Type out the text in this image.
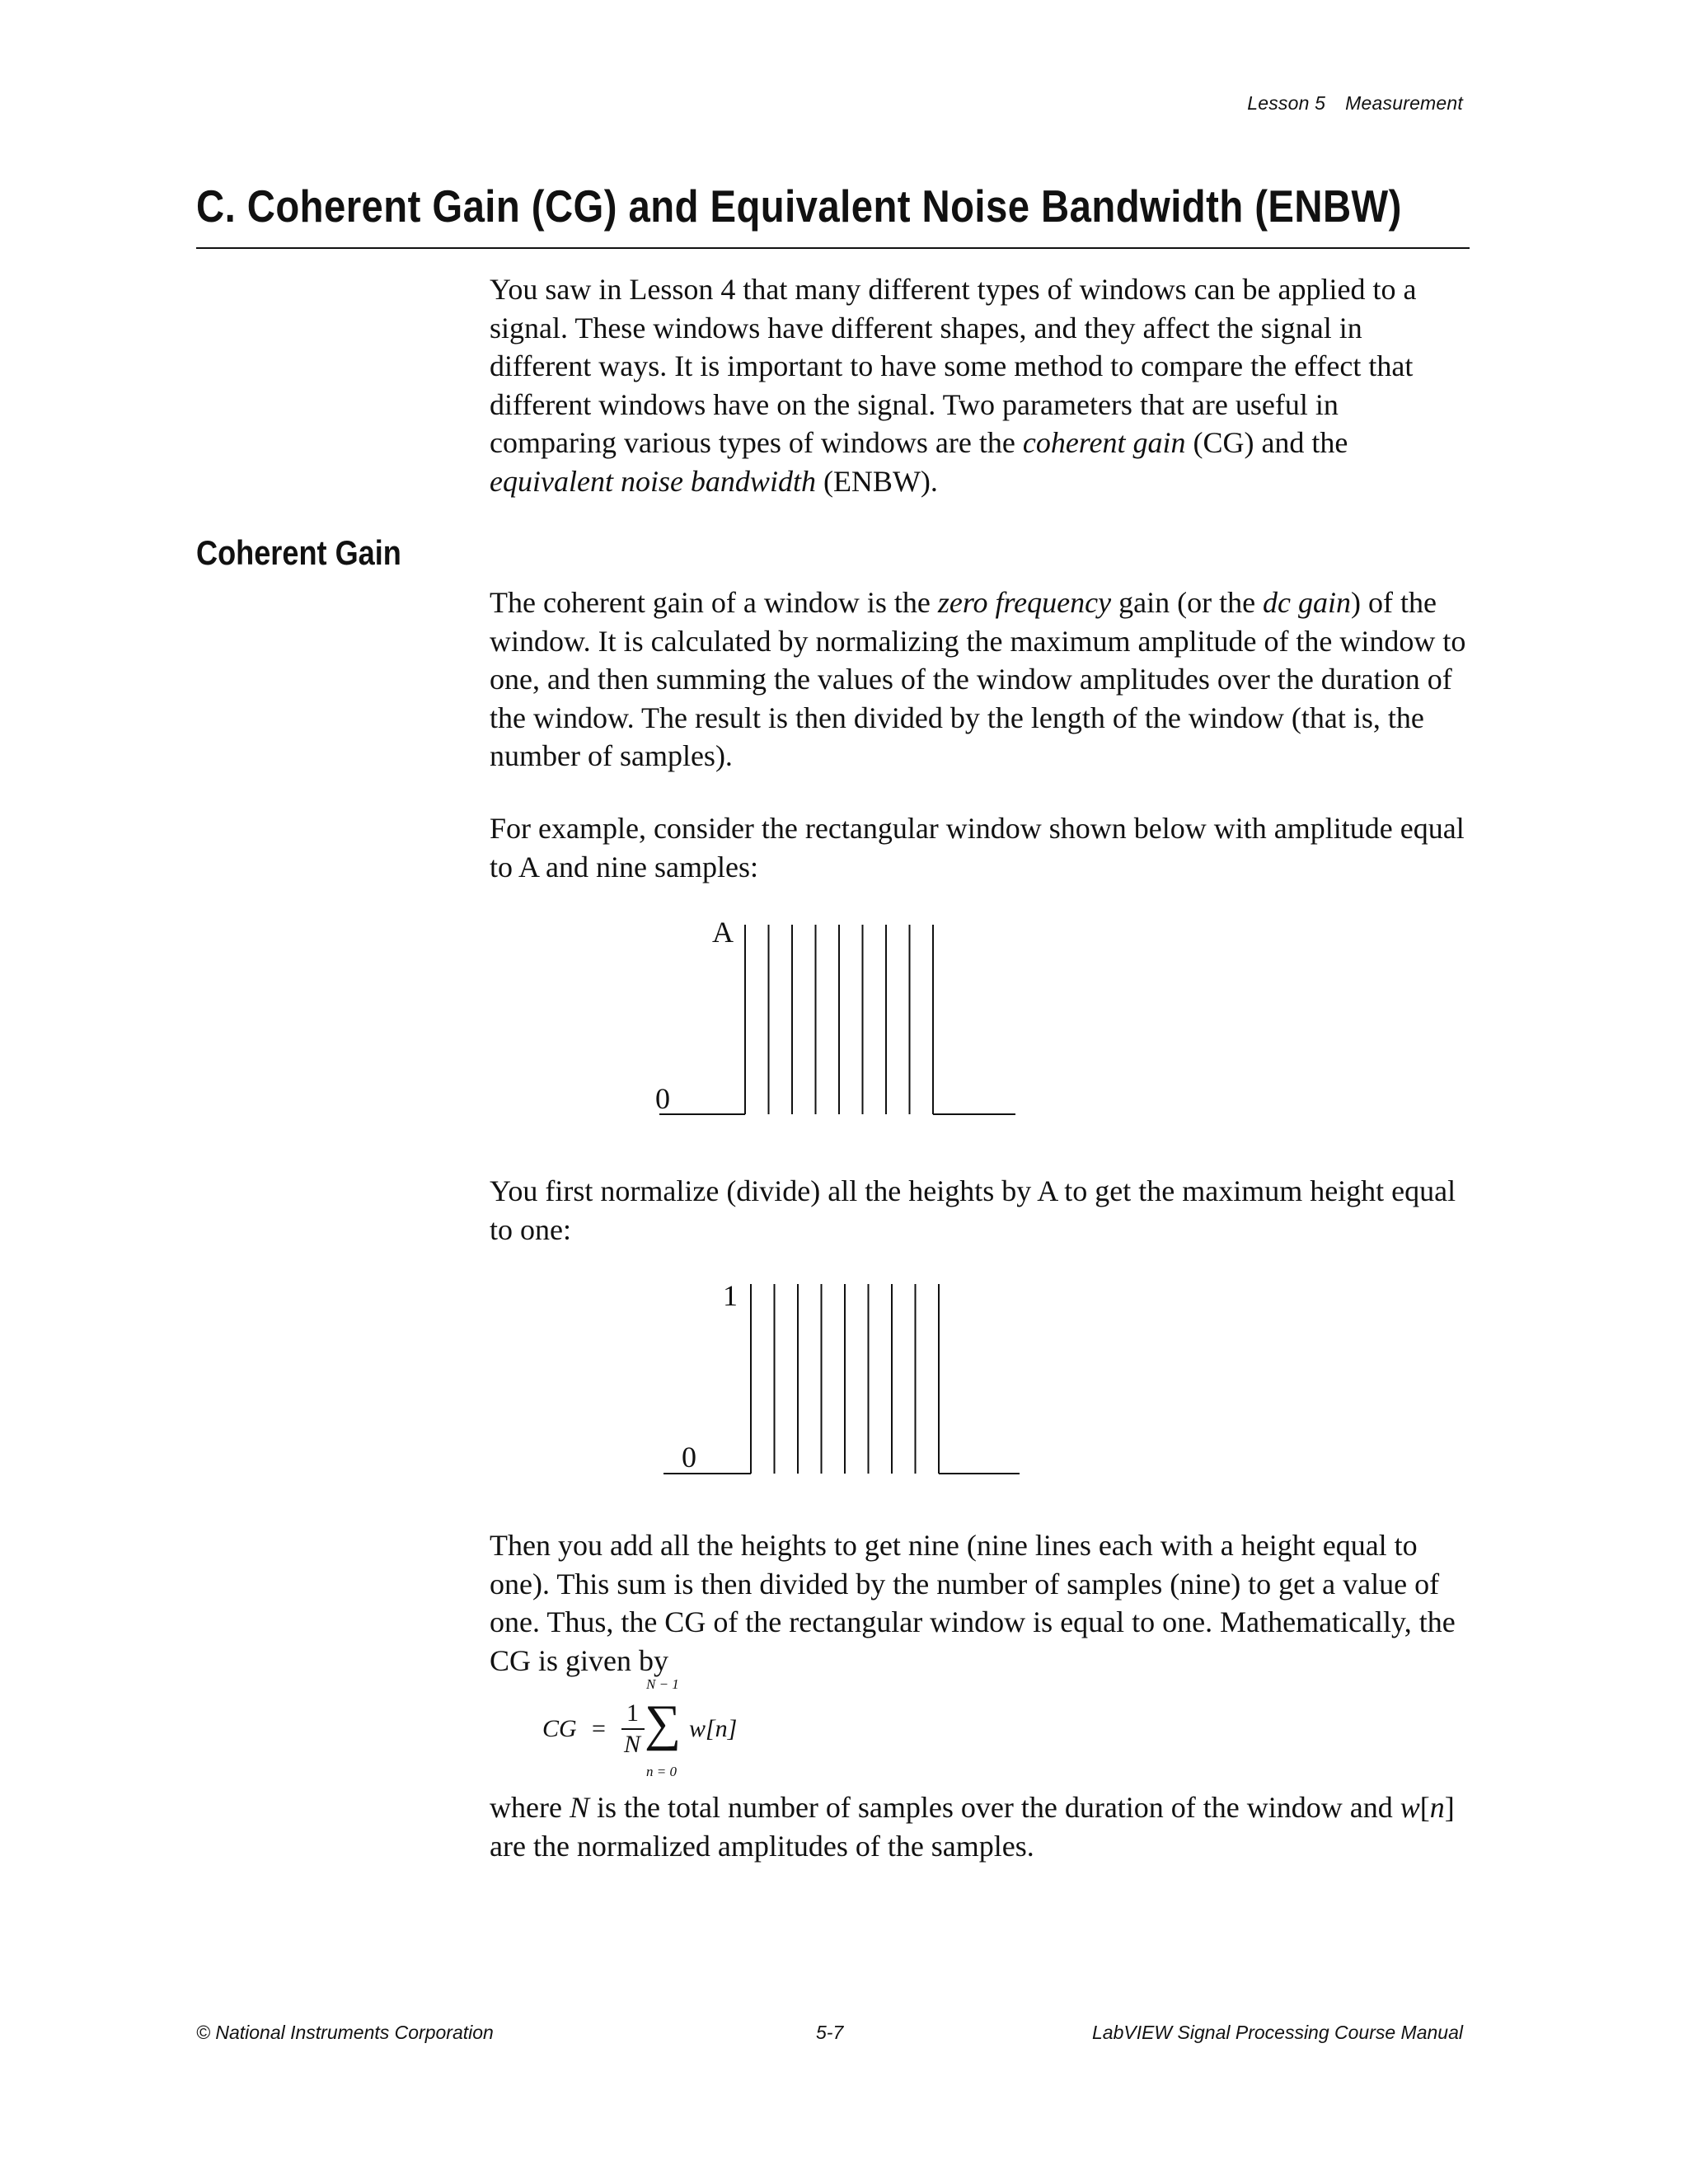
Lesson 5 Measurement
C. Coherent Gain (CG) and Equivalent Noise Bandwidth (ENBW)

You saw in Lesson 4 that many different types of windows can be applied to a signal. These windows have different shapes, and they affect the signal in different ways. It is important to have some method to compare the effect that different windows have on the signal. Two parameters that are useful in comparing various types of windows are the coherent gain (CG) and the equivalent noise bandwidth (ENBW).

Coherent Gain

The coherent gain of a window is the zero frequency gain (or the dc gain) of the window. It is calculated by normalizing the maximum amplitude of the window to one, and then summing the values of the window amplitudes over the duration of the window. The result is then divided by the length of the window (that is, the number of samples).

For example, consider the rectangular window shown below with amplitude equal to A and nine samples:

A
0

You first normalize (divide) all the heights by A to get the maximum height equal to one:

1
0

Then you add all the heights to get nine (nine lines each with a height equal to one). This sum is then divided by the number of samples (nine) to get a value of one. Thus, the CG of the rectangular window is equal to one. Mathematically, the CG is given by

CG =
N − 1
1
N ∑ w[n]
n = 0

where N is the total number of samples over the duration of the window and w[n] are the normalized amplitudes of the samples.

© National Instruments Corporation	5-7	LabVIEW Signal Processing Course Manual
